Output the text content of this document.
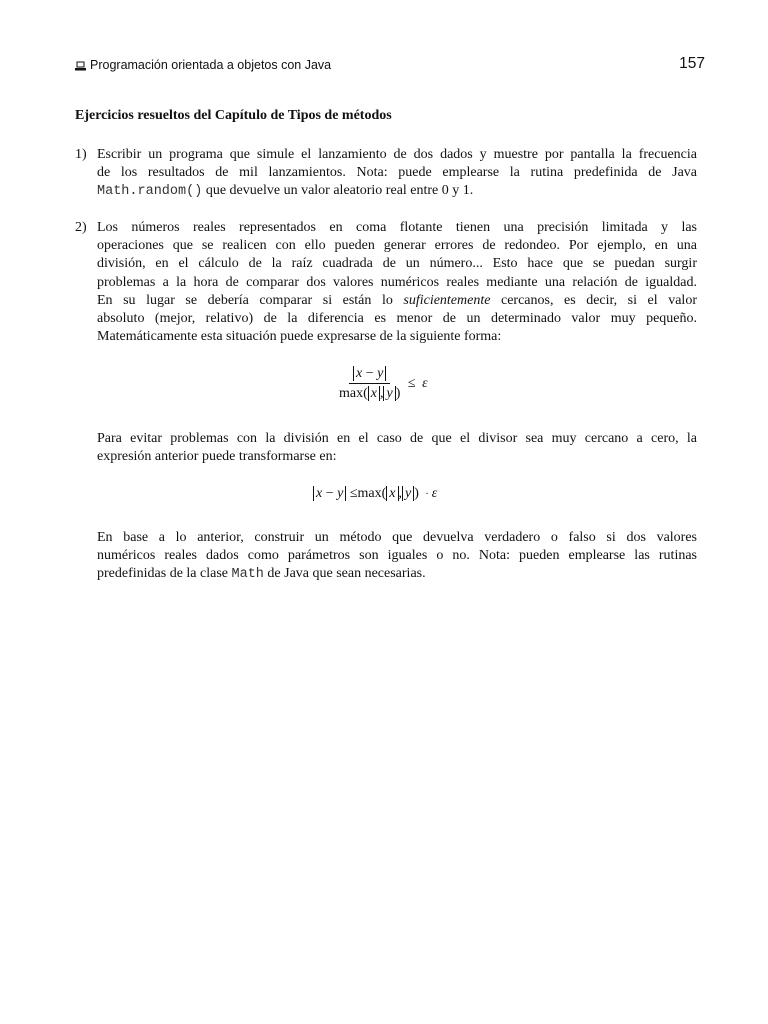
Programación orientada a objetos con Java	157
Ejercicios resueltos del Capítulo de Tipos de métodos
1) Escribir un programa que simule el lanzamiento de dos dados y muestre por pantalla la frecuencia
de los resultados de mil lanzamientos. Nota: puede emplearse la rutina predefinida de Java
Math.random() que devuelve un valor aleatorio real entre 0 y 1.
2) Los números reales representados en coma flotante tienen una precisión limitada y las
operaciones que se realicen con ello pueden generar errores de redondeo. Por ejemplo, en una
división, en el cálculo de la raíz cuadrada de un número... Esto hace que se puedan surgir
problemas a la hora de comparar dos valores numéricos reales mediante una relación de igualdad.
En su lugar se debería comparar si están lo suficientemente cercanos, es decir, si el valor
absoluto (mejor, relativo) de la diferencia es menor de un determinado valor muy pequeño.
Matemáticamente esta situación puede expresarse de la siguiente forma:
$\frac{x - y}{\max( x , y )} \le \varepsilon$
Para evitar problemas con la división en el caso de que el divisor sea muy cercano a cero, la
expresión anterior puede transformarse en:
x − y ≤max( x , y ) · ε
En base a lo anterior, construir un método que devuelva verdadero o falso si dos valores
numéricos reales dados como parámetros son iguales o no. Nota: pueden emplearse las rutinas
predefinidas de la clase Math de Java que sean necesarias.
